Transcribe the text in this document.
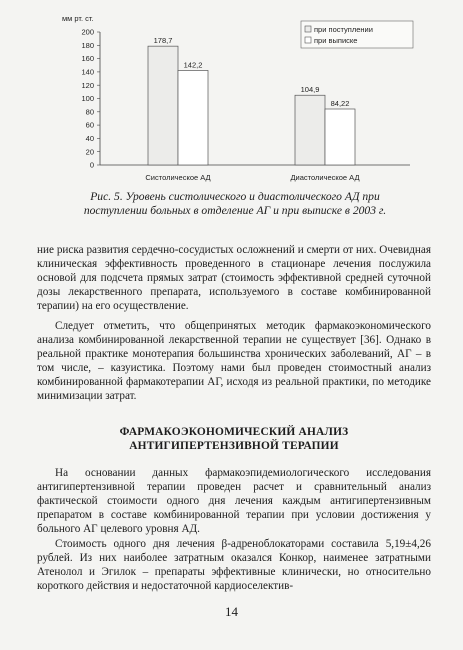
мм рт. ст.
0
20
40
60
80
100
120
140
160
180
200
178,7
142,2
104,9
84,22
Систолическое АД	Диастолическое АД
при поступлении
при выписке
Рис. 5. Уровень систолического и диастолического АД при
поступлении больных в отделение АГ и при выписке в 2003 г.

ние риска развития сердечно-сосудистых осложнений и смерти от них. Очевидная клиническая эффективность проведенного в стационаре лечения послужила основой для подсчета прямых затрат (стоимость эффективной средней суточной дозы лекарственного препарата, используемого в составе комбинированной терапии) на его осуществление.

Следует отметить, что общепринятых методик фармакоэкономического анализа комбинированной лекарственной терапии не существует [36]. Однако в реальной практике монотерапия большинства хронических заболеваний, АГ – в том числе, – казуистика. Поэтому нами был проведен стоимостный анализ комбинированной фармакотерапии АГ, исходя из реальной практики, по методике минимизации затрат.

ФАРМАКОЭКОНОМИЧЕСКИЙ АНАЛИЗ
АНТИГИПЕРТЕНЗИВНОЙ ТЕРАПИИ

На основании данных фармакоэпидемиологического исследования антигипертензивной терапии проведен расчет и сравнительный анализ фактической стоимости одного дня лечения каждым антигипертензивным препаратом в составе комбинированной терапии при условии достижения у больного АГ целевого уровня АД.

Стоимость одного дня лечения β-адреноблокаторами составила 5,19±4,26 рублей. Из них наиболее затратным оказался Конкор, наименее затратными Атенолол и Эгилок – препараты эффективные клинически, но относительно короткого действия и недостаточной кардиоселектив-

14
